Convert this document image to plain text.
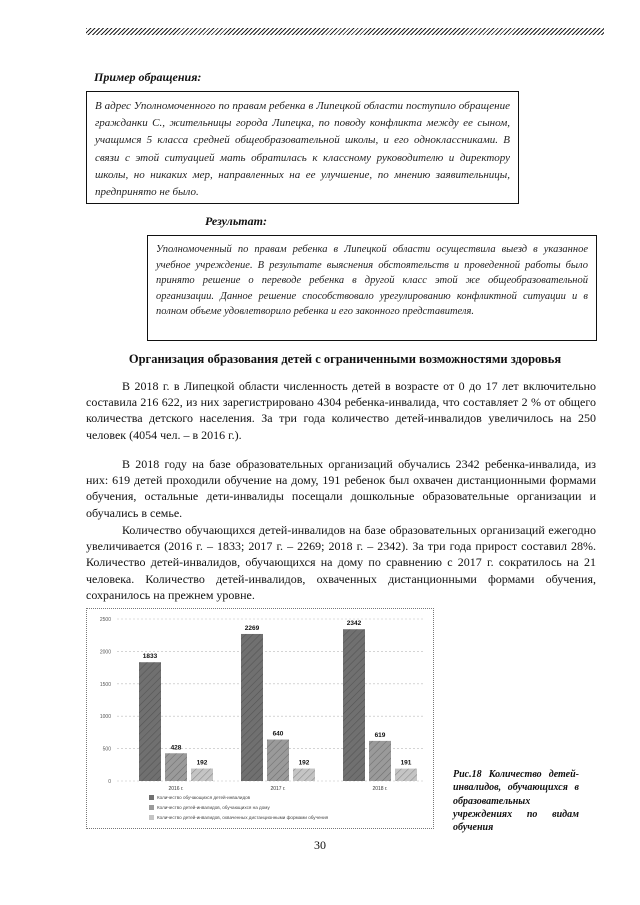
Пример обращения:
В адрес Уполномоченного по правам ребенка в Липецкой области поступило обращение гражданки С., жительницы города Липецка, по поводу конфликта между ее сыном, учащимся 5 класса средней общеобразовательной школы, и его одноклассниками. В связи с этой ситуацией мать обратилась к классному руководителю и директору школы, но никаких мер, направленных на ее улучшение, по мнению заявительницы, предпринято не было.
Результат:
Уполномоченный по правам ребенка в Липецкой области осуществила выезд в указанное учебное учреждение. В результате выяснения обстоятельств и проведенной работы было принято решение о переводе ребенка в другой класс этой же общеобразовательной организации. Данное решение способствовало урегулированию конфликтной ситуации и в полном объеме удовлетворило ребенка и его законного представителя.
Организация образования детей с ограниченными возможностями здоровья
В 2018 г. в Липецкой области численность детей в возрасте от 0 до 17 лет включительно составила 216 622, из них зарегистрировано 4304 ребенка-инвалида, что составляет 2 % от общего количества детского населения. За три года количество детей-инвалидов увеличилось на 250 человек (4054 чел. – в 2016 г.).
В 2018 году на базе образовательных организаций обучались 2342 ребенка-инвалида, из них: 619 детей проходили обучение на дому, 191 ребенок был охвачен дистанционными формами обучения, остальные дети-инвалиды посещали дошкольные образовательные организации и обучались в семье.
Количество обучающихся детей-инвалидов на базе образовательных организаций ежегодно увеличивается (2016 г. – 1833; 2017 г. – 2269; 2018 г. – 2342). За три года прирост составил 28%. Количество детей-инвалидов, обучающихся на дому по сравнению с 2017 г. сократилось на 21 человека. Количество детей-инвалидов, охваченных дистанционными формами обучения, сохранилось на прежнем уровне.
2500
2000
1500
1000
500
0
1833
428
192
2016 г.
2269
640
192
2017 г.
2342
619
191
2018 г.
Количество обучающихся детей-инвалидов
Количество детей-инвалидов, обучающихся на дому
Количество детей-инвалидов, охваченных дистанционными формами обучения
Рис.18 Количество детей-инвалидов, обучающихся в образовательных учреждениях по видам обучения
30
